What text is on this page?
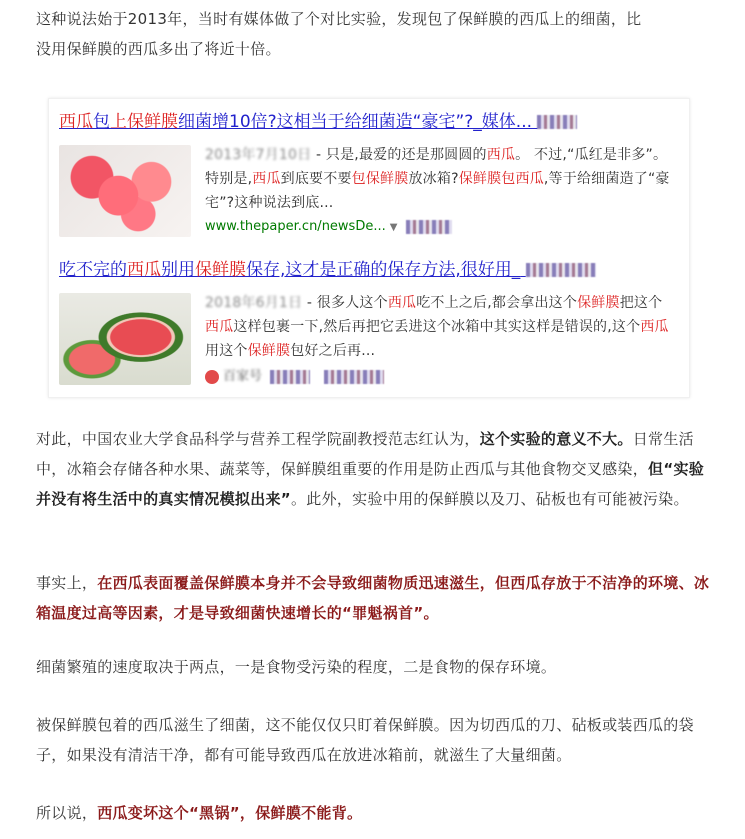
这种说法始于2013年，当时有媒体做了个对比实验，发现包了保鲜膜的西瓜上的细菌，比
没用保鲜膜的西瓜多出了将近十倍。

西瓜包上保鲜膜细菌增10倍?这相当于给细菌造“豪宅”?_媒体...
2013年7月10日 - 只是,最爱的还是那圆圆的西瓜。 不过,“瓜红是非多”。特别是,西瓜到底要不要包保鲜膜放冰箱?保鲜膜包西瓜,等于给细菌造了“豪宅”?这种说法到底...
www.thepaper.cn/newsDe... ▼
吃不完的西瓜别用保鲜膜保存,这才是正确的保存方法,很好用_
2018年6月1日 - 很多人这个西瓜吃不上之后,都会拿出这个保鲜膜把这个西瓜这样包裹一下,然后再把它丢进这个冰箱中其实这样是错误的,这个西瓜用这个保鲜膜包好之后再...
百家号

对此，中国农业大学食品科学与营养工程学院副教授范志红认为，这个实验的意义不大。日常生活中，冰箱会存储各种水果、蔬菜等，保鲜膜组重要的作用是防止西瓜与其他食物交叉感染，但“实验并没有将生活中的真实情况模拟出来”。此外，实验中用的保鲜膜以及刀、砧板也有可能被污染。

事实上，在西瓜表面覆盖保鲜膜本身并不会导致细菌物质迅速滋生，但西瓜存放于不洁净的环境、冰箱温度过高等因素，才是导致细菌快速增长的“罪魁祸首”。

细菌繁殖的速度取决于两点，一是食物受污染的程度，二是食物的保存环境。

被保鲜膜包着的西瓜滋生了细菌，这不能仅仅只盯着保鲜膜。因为切西瓜的刀、砧板或装西瓜的袋子，如果没有清洁干净，都有可能导致西瓜在放进冰箱前，就滋生了大量细菌。

所以说，西瓜变坏这个“黑锅”，保鲜膜不能背。
